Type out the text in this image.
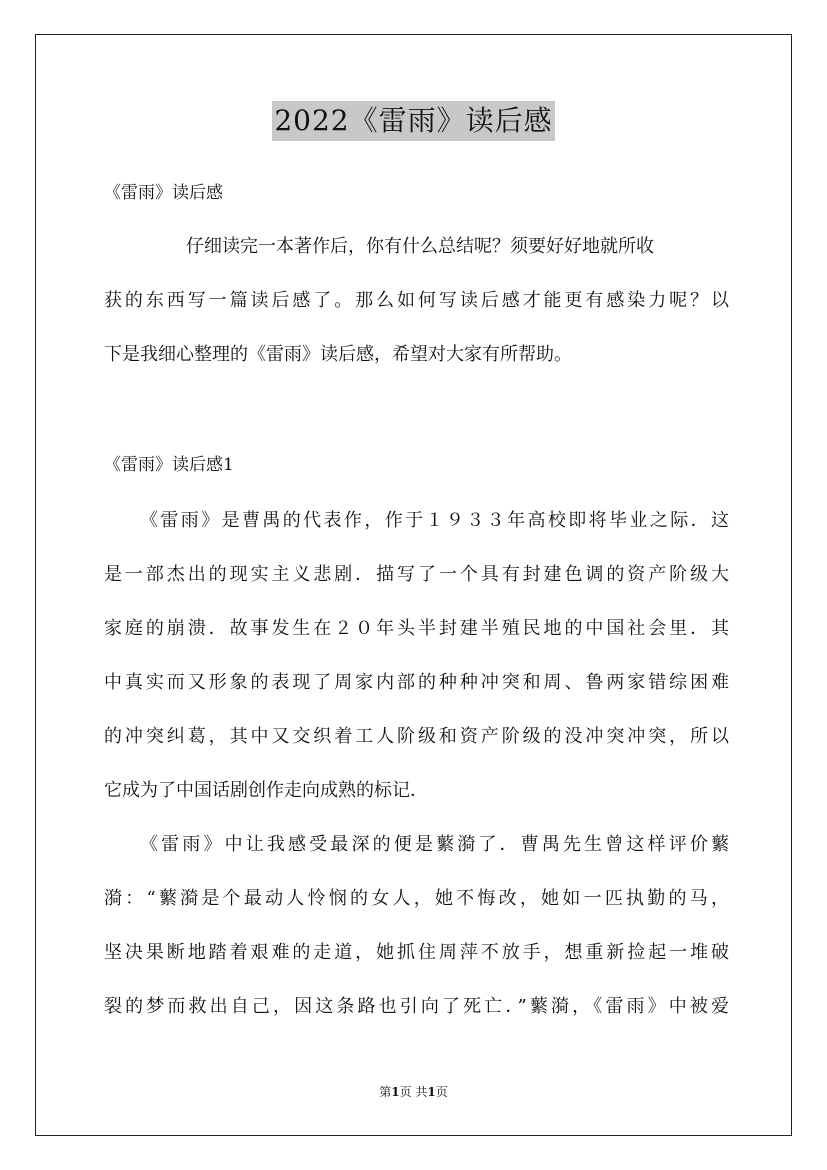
2022《雷雨》读后感

《雷雨》读后感

仔细读完一本著作后，你有什么总结呢？须要好好地就所收

获的东西写一篇读后感了。那么如何写读后感才能更有感染力呢？以

下是我细心整理的《雷雨》读后感，希望对大家有所帮助。

《雷雨》读后感1

《雷雨》是曹禺的代表作，作于１９３３年高校即将毕业之际．这

是一部杰出的现实主义悲剧．描写了一个具有封建色调的资产阶级大

家庭的崩溃．故事发生在２０年头半封建半殖民地的中国社会里．其

中真实而又形象的表现了周家内部的种种冲突和周、鲁两家错综困难

的冲突纠葛，其中又交织着工人阶级和资产阶级的没冲突冲突，所以

它成为了中国话剧创作走向成熟的标记．

《雷雨》中让我感受最深的便是蘩漪了．曹禺先生曾这样评价蘩

漪：“蘩漪是个最动人怜悯的女人，她不悔改，她如一匹执勤的马，

坚决果断地踏着艰难的走道，她抓住周萍不放手，想重新捡起一堆破

裂的梦而救出自己，因这条路也引向了死亡．”蘩漪，《雷雨》中被爱

第1页 共1页
